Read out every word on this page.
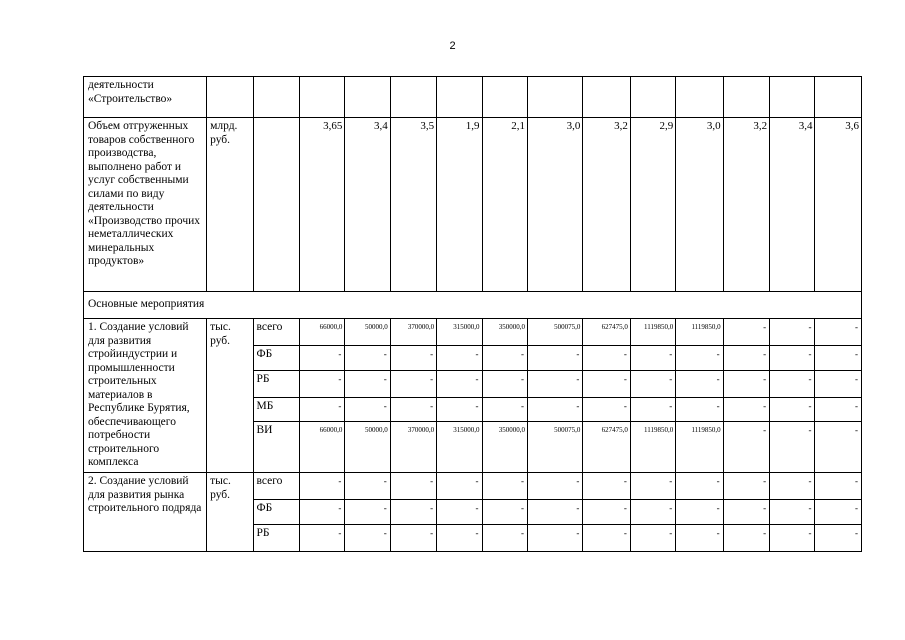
2
деятельности «Строительство»														
Объем отгруженных товаров собственного производства, выполнено работ и услуг собственными силами по виду деятельности «Производство прочих неметаллических минеральных продуктов»	млрд. руб.		3,65	3,4	3,5	1,9	2,1	3,0	3,2	2,9	3,0	3,2	3,4	3,6
Основные мероприятия														
1. Создание условий для развития стройиндустрии и промышленности строительных материалов в Республике Бурятия, обеспечивающего потребности строительного комплекса	тыс. руб.	всего	66000,0	50000,0	370000,0	315000,0	350000,0	500075,0	627475,0	1119850,0	1119850,0	-	-	-
		ФБ	-	-	-	-	-	-	-	-	-	-	-	-
		РБ	-	-	-	-	-	-	-	-	-	-	-	-
		МБ	-	-	-	-	-	-	-	-	-	-	-	-
		ВИ	66000,0	50000,0	370000,0	315000,0	350000,0	500075,0	627475,0	1119850,0	1119850,0	-	-	-
2. Создание условий для развития рынка строительного подряда	тыс. руб.	всего	-	-	-	-	-	-	-	-	-	-	-	-
		ФБ	-	-	-	-	-	-	-	-	-	-	-	-
		РБ	-	-	-	-	-	-	-	-	-	-	-	-
